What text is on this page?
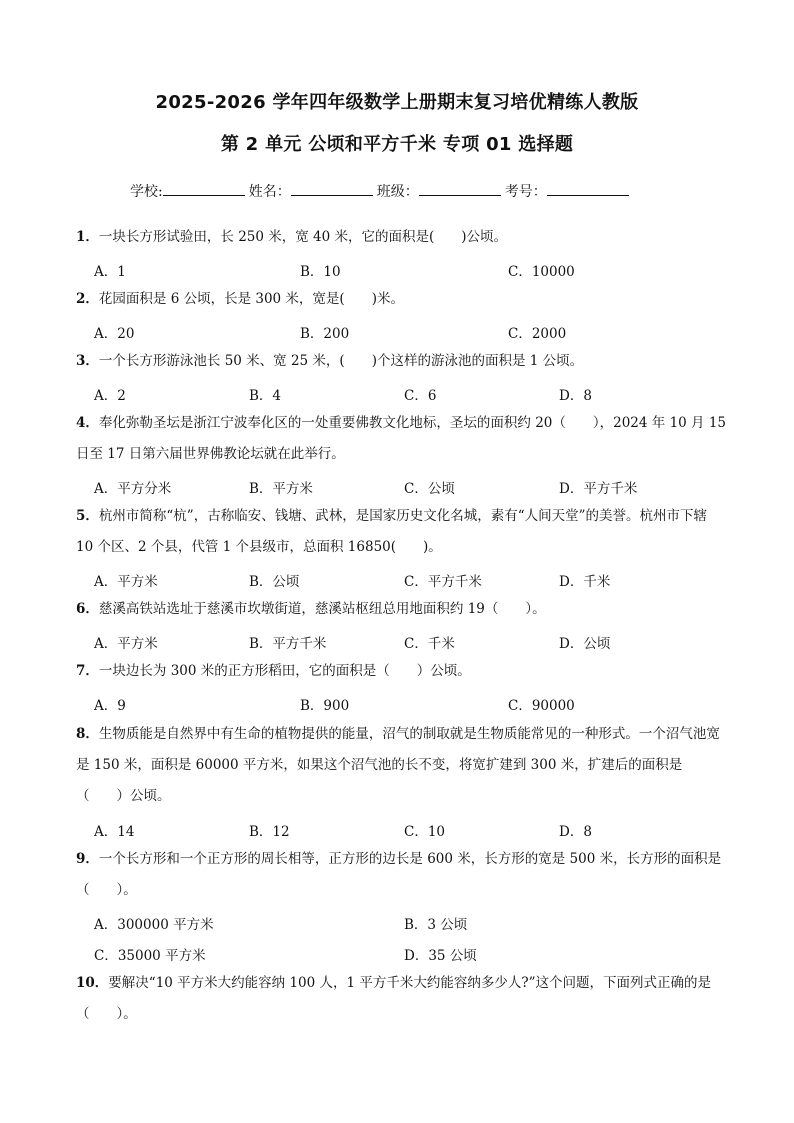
2025-2026 学年四年级数学上册期末复习培优精练人教版
第 2 单元 公顷和平方千米 专项 01 选择题
学校:	姓名：	班级：	考号：
1．一块长方形试验田，长 250 米，宽 40 米，它的面积是(　　)公顷。
A．1	B．10	C．10000
2．花园面积是 6 公顷，长是 300 米，宽是(　　)米。
A．20	B．200	C．2000
3．一个长方形游泳池长 50 米、宽 25 米，(　　)个这样的游泳池的面积是 1 公顷。
A．2	B．4	C．6	D．8
4．奉化弥勒圣坛是浙江宁波奉化区的一处重要佛教文化地标，圣坛的面积约 20（　　），2024 年 10 月 15 日至 17 日第六届世界佛教论坛就在此举行。
A．平方分米	B．平方米	C．公顷	D．平方千米
5．杭州市简称“杭”，古称临安、钱塘、武林，是国家历史文化名城，素有“人间天堂”的美誉。杭州市下辖 10 个区、2 个县，代管 1 个县级市，总面积 16850(　　)。
A．平方米	B．公顷	C．平方千米	D．千米
6．慈溪高铁站选址于慈溪市坎墩街道，慈溪站枢纽总用地面积约 19（　　）。
A．平方米	B．平方千米	C．千米	D．公顷
7．一块边长为 300 米的正方形稻田，它的面积是（　　）公顷。
A．9	B．900	C．90000
8．生物质能是自然界中有生命的植物提供的能量，沼气的制取就是生物质能常见的一种形式。一个沼气池宽是 150 米，面积是 60000 平方米，如果这个沼气池的长不变，将宽扩建到 300 米，扩建后的面积是（　　）公顷。
A．14	B．12	C．10	D．8
9．一个长方形和一个正方形的周长相等，正方形的边长是 600 米，长方形的宽是 500 米，长方形的面积是（　　）。
A．300000 平方米	B．3 公顷
C．35000 平方米	D．35 公顷
10．要解决“10 平方米大约能容纳 100 人，1 平方千米大约能容纳多少人?”这个问题，下面列式正确的是（　　）。
